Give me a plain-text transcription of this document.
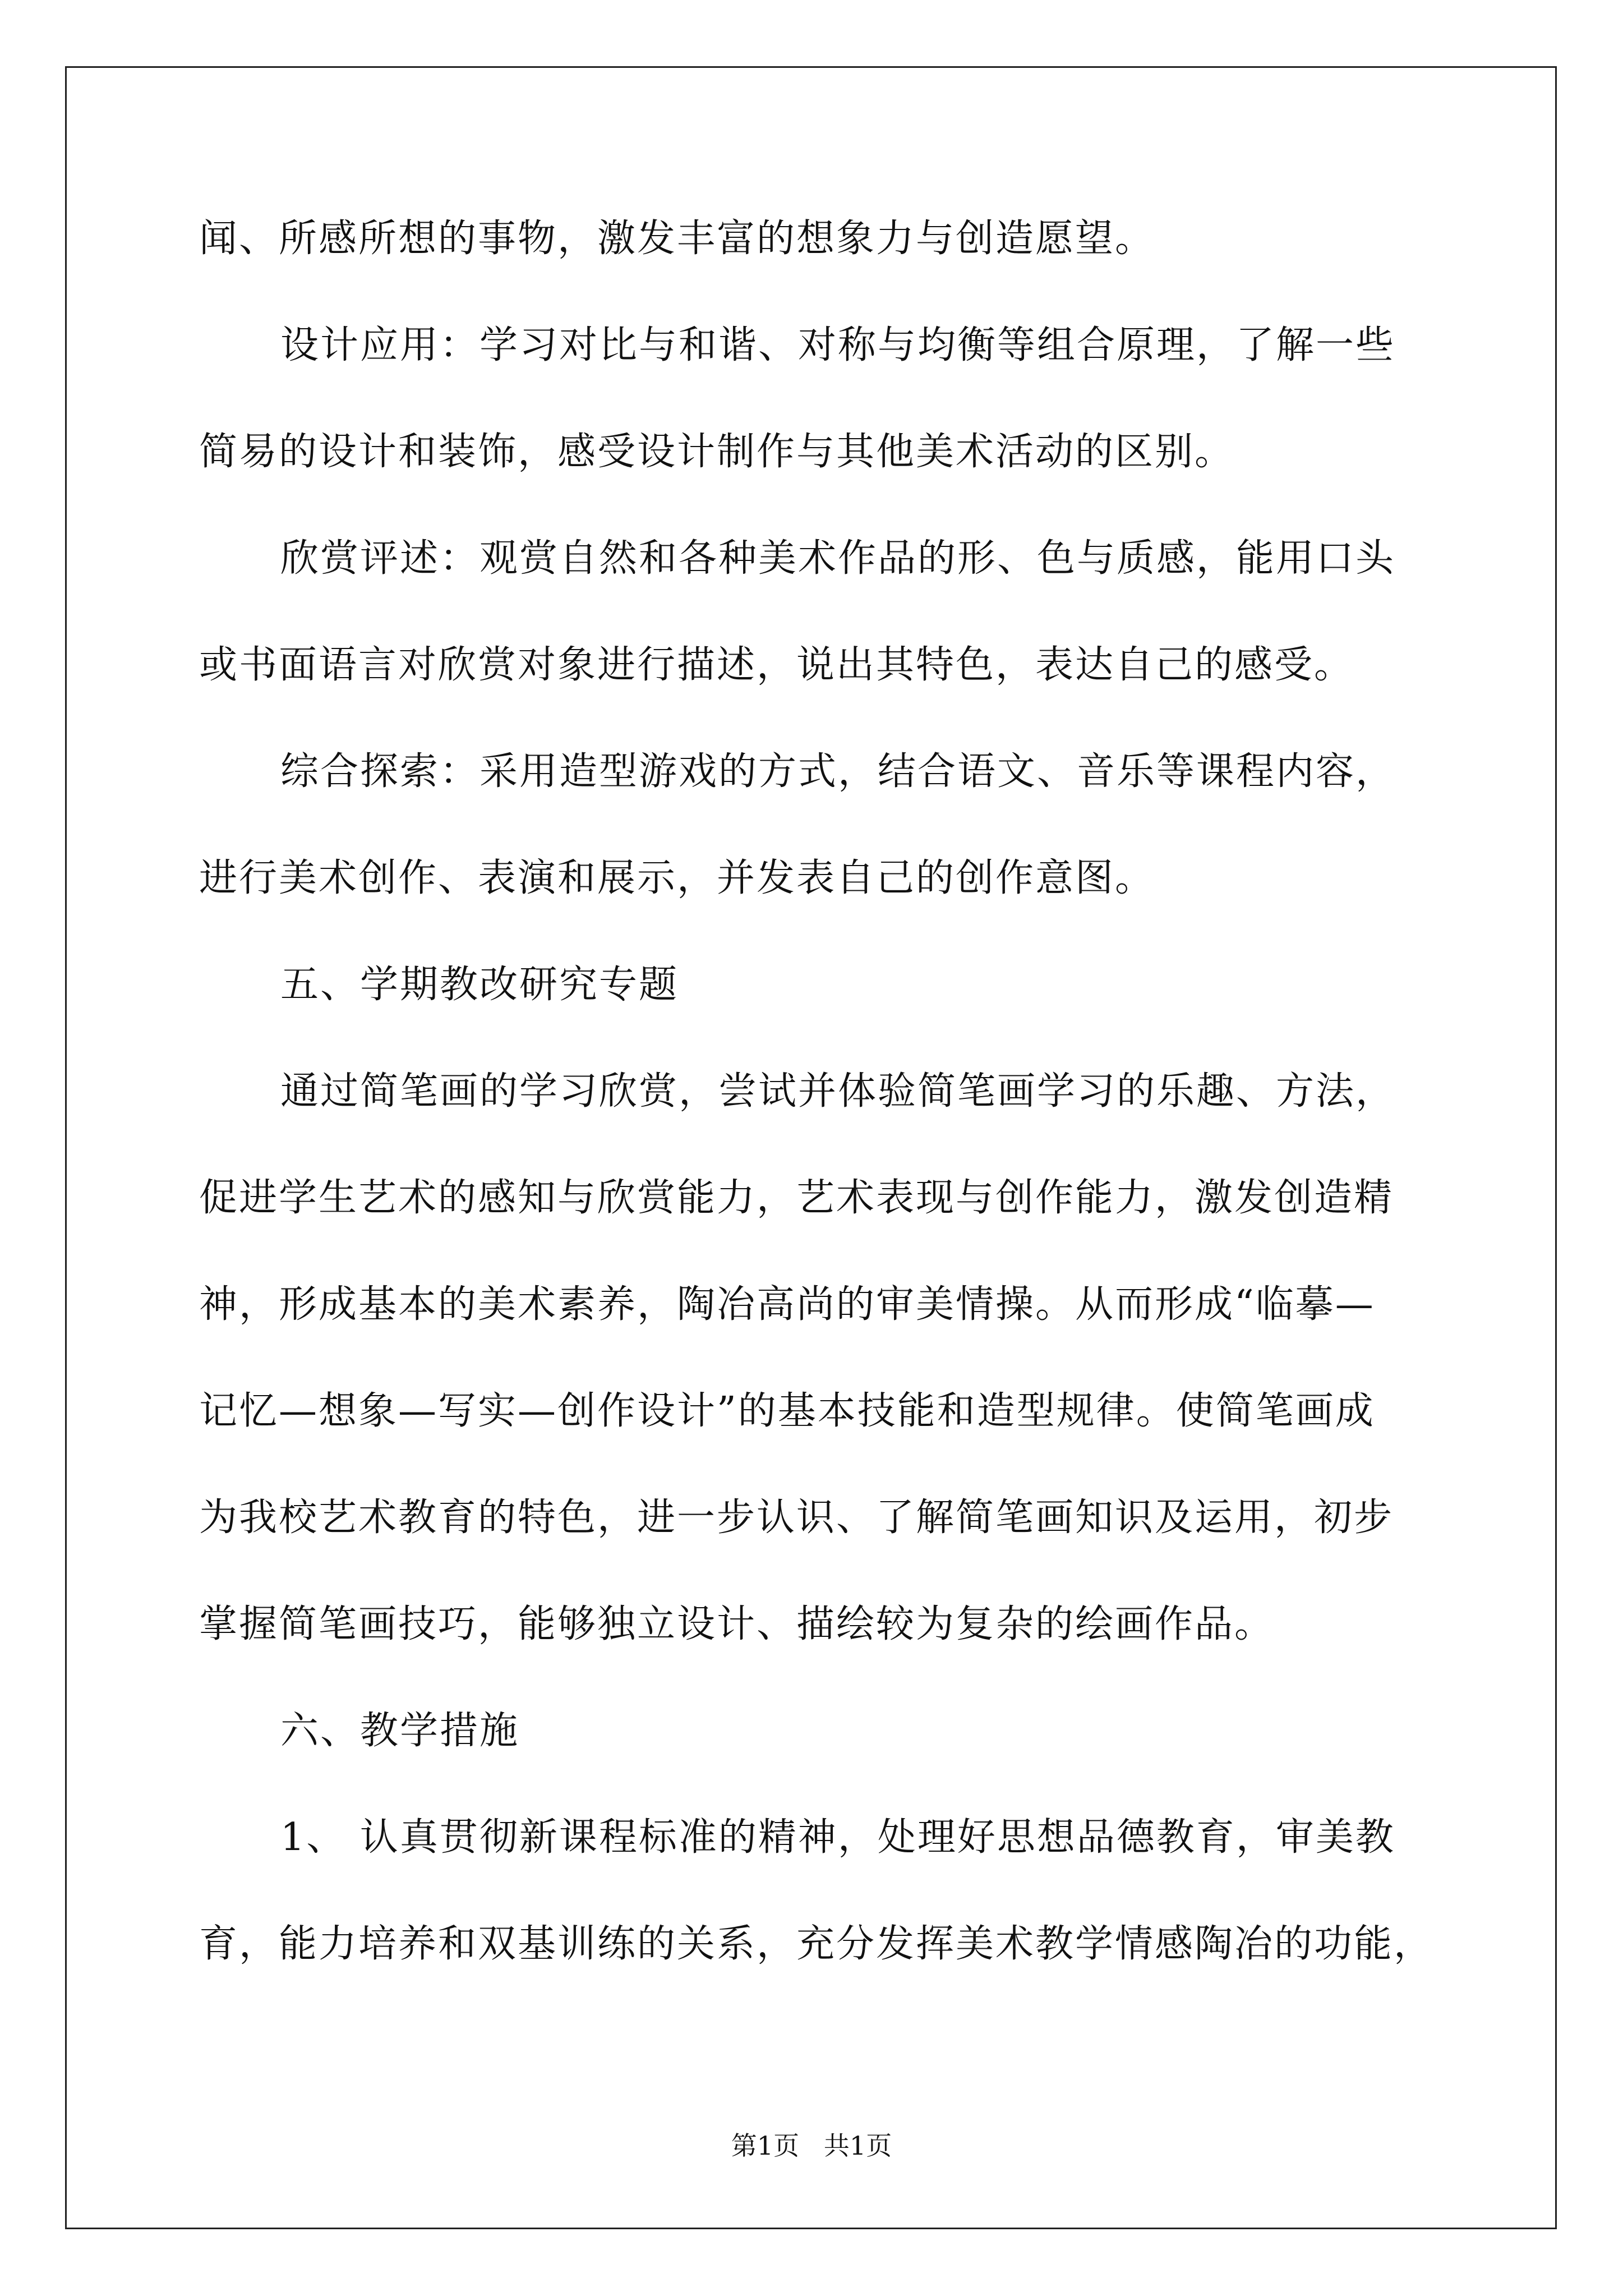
闻、所感所想的事物，激发丰富的想象力与创造愿望。
设计应用：学习对比与和谐、对称与均衡等组合原理，了解一些
简易的设计和装饰，感受设计制作与其他美术活动的区别。
欣赏评述：观赏自然和各种美术作品的形、色与质感，能用口头
或书面语言对欣赏对象进行描述，说出其特色，表达自己的感受。
综合探索：采用造型游戏的方式，结合语文、音乐等课程内容，
进行美术创作、表演和展示，并发表自己的创作意图。
五、学期教改研究专题
通过简笔画的学习欣赏，尝试并体验简笔画学习的乐趣、方法，
促进学生艺术的感知与欣赏能力，艺术表现与创作能力，激发创造精
神，形成基本的美术素养，陶冶高尚的审美情操。从而形成“临摹—
记忆—想象—写实—创作设计”的基本技能和造型规律。使简笔画成
为我校艺术教育的特色，进一步认识、了解简笔画知识及运用，初步
掌握简笔画技巧，能够独立设计、描绘较为复杂的绘画作品。
六、教学措施
1、 认真贯彻新课程标准的精神，处理好思想品德教育，审美教
育，能力培养和双基训练的关系，充分发挥美术教学情感陶冶的功能，
第1页   共1页
